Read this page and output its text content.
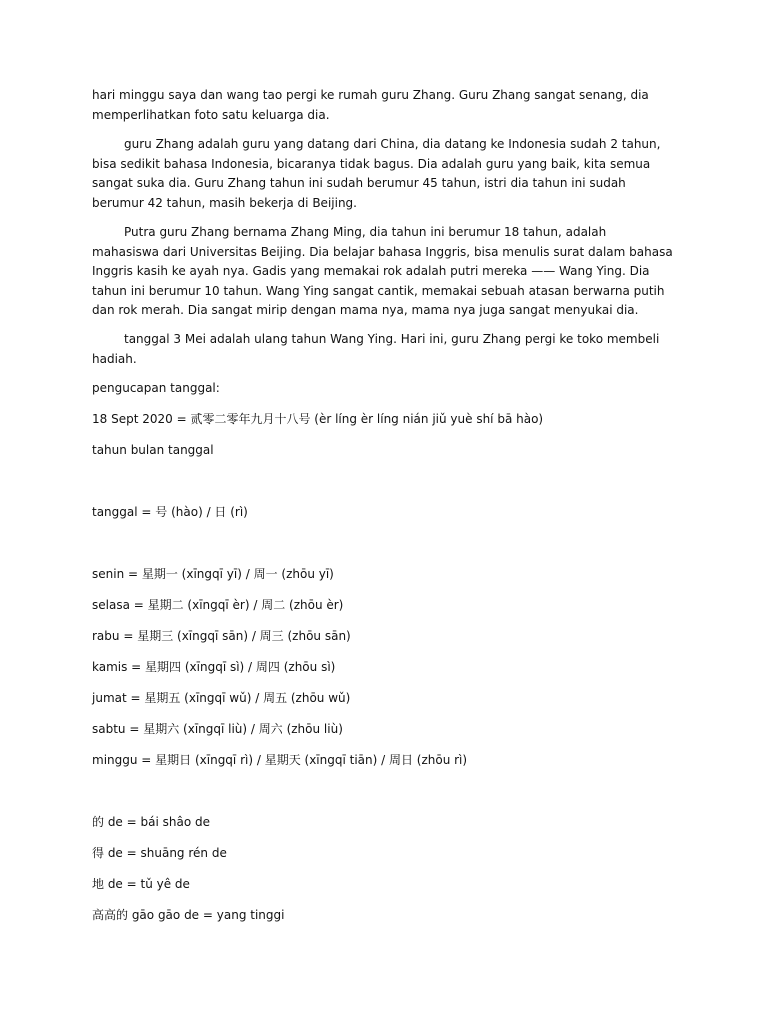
hari minggu saya dan wang tao pergi ke rumah guru Zhang. Guru Zhang sangat senang, dia memperlihatkan foto satu keluarga dia.

guru Zhang adalah guru yang datang dari China, dia datang ke Indonesia sudah 2 tahun, bisa sedikit bahasa Indonesia, bicaranya tidak bagus. Dia adalah guru yang baik, kita semua sangat suka dia. Guru Zhang tahun ini sudah berumur 45 tahun, istri dia tahun ini sudah berumur 42 tahun, masih bekerja di Beijing.

Putra guru Zhang bernama Zhang Ming, dia tahun ini berumur 18 tahun, adalah mahasiswa dari Universitas Beijing. Dia belajar bahasa Inggris, bisa menulis surat dalam bahasa Inggris kasih ke ayah nya. Gadis yang memakai rok adalah putri mereka —— Wang Ying. Dia tahun ini berumur 10 tahun. Wang Ying sangat cantik, memakai sebuah atasan berwarna putih dan rok merah. Dia sangat mirip dengan mama nya, mama nya juga sangat menyukai dia.

tanggal 3 Mei adalah ulang tahun Wang Ying. Hari ini, guru Zhang pergi ke toko membeli hadiah.

pengucapan tanggal:
18 Sept 2020 = 贰零二零年九月十八号 (èr líng èr líng nián jiǔ yuè shí bā hào)
tahun bulan tanggal
tanggal = 号 (hào) / 日 (rì)
senin = 星期一 (xīngqī yī) / 周一 (zhōu yī)
selasa = 星期二 (xīngqī èr) / 周二 (zhōu èr)
rabu = 星期三 (xīngqī sān) / 周三 (zhōu sān)
kamis = 星期四 (xīngqī sì) / 周四 (zhōu sì)
jumat = 星期五 (xīngqī wǔ) / 周五 (zhōu wǔ)
sabtu = 星期六 (xīngqī liù) / 周六 (zhōu liù)
minggu = 星期日 (xīngqī rì) / 星期天 (xīngqī tiān) / 周日 (zhōu rì)
的 de = bái shâo de
得 de = shuāng rén de
地 de = tǔ yê de
高高的 gāo gāo de = yang tinggi
